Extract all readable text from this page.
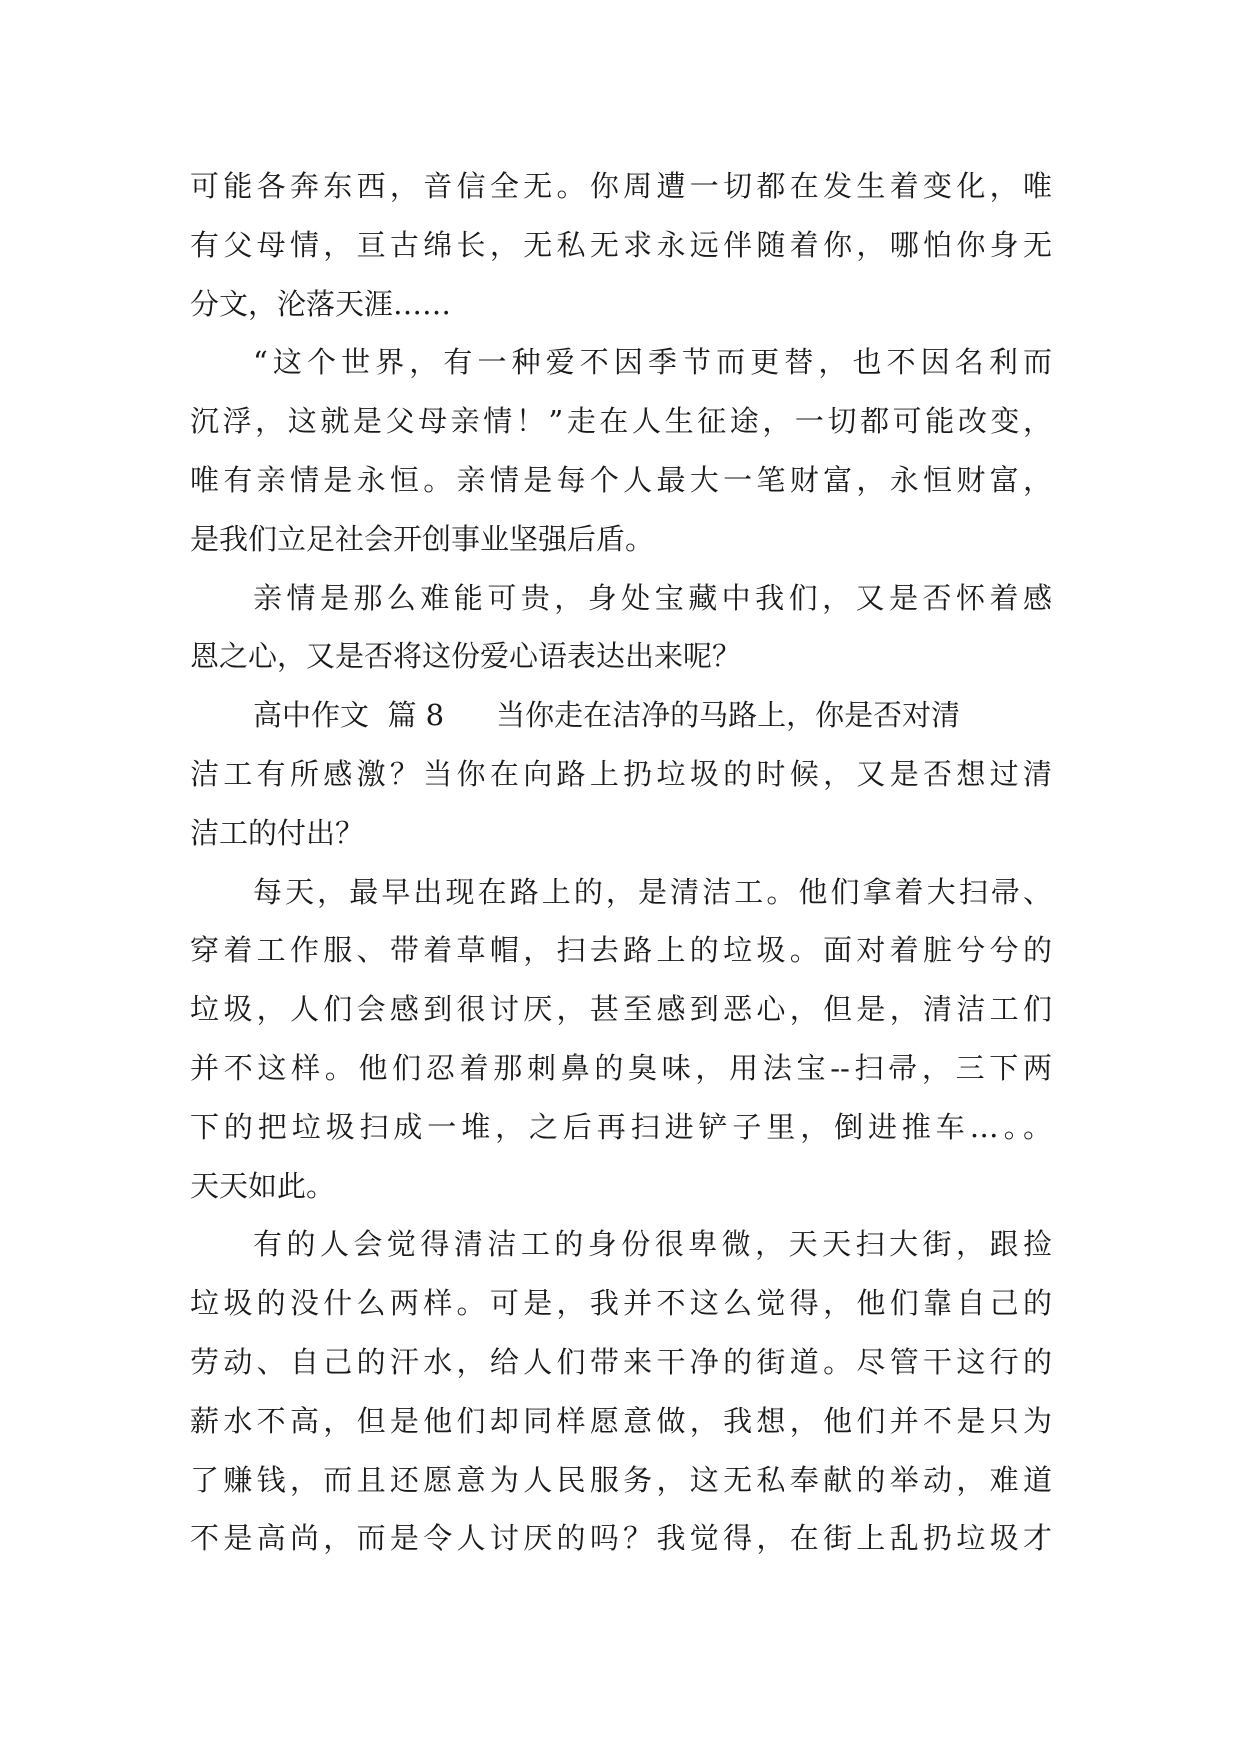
可能各奔东西，音信全无。你周遭一切都在发生着变化，唯
有父母情，亘古绵长，无私无求永远伴随着你，哪怕你身无
分文，沦落天涯……
“这个世界，有一种爱不因季节而更替，也不因名利而
沉浮，这就是父母亲情！”走在人生征途，一切都可能改变，
唯有亲情是永恒。亲情是每个人最大一笔财富，永恒财富，
是我们立足社会开创事业坚强后盾。
亲情是那么难能可贵，身处宝藏中我们，又是否怀着感
恩之心，又是否将这份爱心语表达出来呢？
高中作文 篇 8 当你走在洁净的马路上，你是否对清
洁工有所感激？当你在向路上扔垃圾的时候，又是否想过清
洁工的付出？
每天，最早出现在路上的，是清洁工。他们拿着大扫帚、
穿着工作服、带着草帽，扫去路上的垃圾。面对着脏兮兮的
垃圾，人们会感到很讨厌，甚至感到恶心，但是，清洁工们
并不这样。他们忍着那刺鼻的臭味，用法宝--扫帚，三下两
下的把垃圾扫成一堆，之后再扫进铲子里，倒进推车…。。
天天如此。
有的人会觉得清洁工的身份很卑微，天天扫大街，跟捡
垃圾的没什么两样。可是，我并不这么觉得，他们靠自己的
劳动、自己的汗水，给人们带来干净的街道。尽管干这行的
薪水不高，但是他们却同样愿意做，我想，他们并不是只为
了赚钱，而且还愿意为人民服务，这无私奉献的举动，难道
不是高尚，而是令人讨厌的吗？我觉得，在街上乱扔垃圾才
